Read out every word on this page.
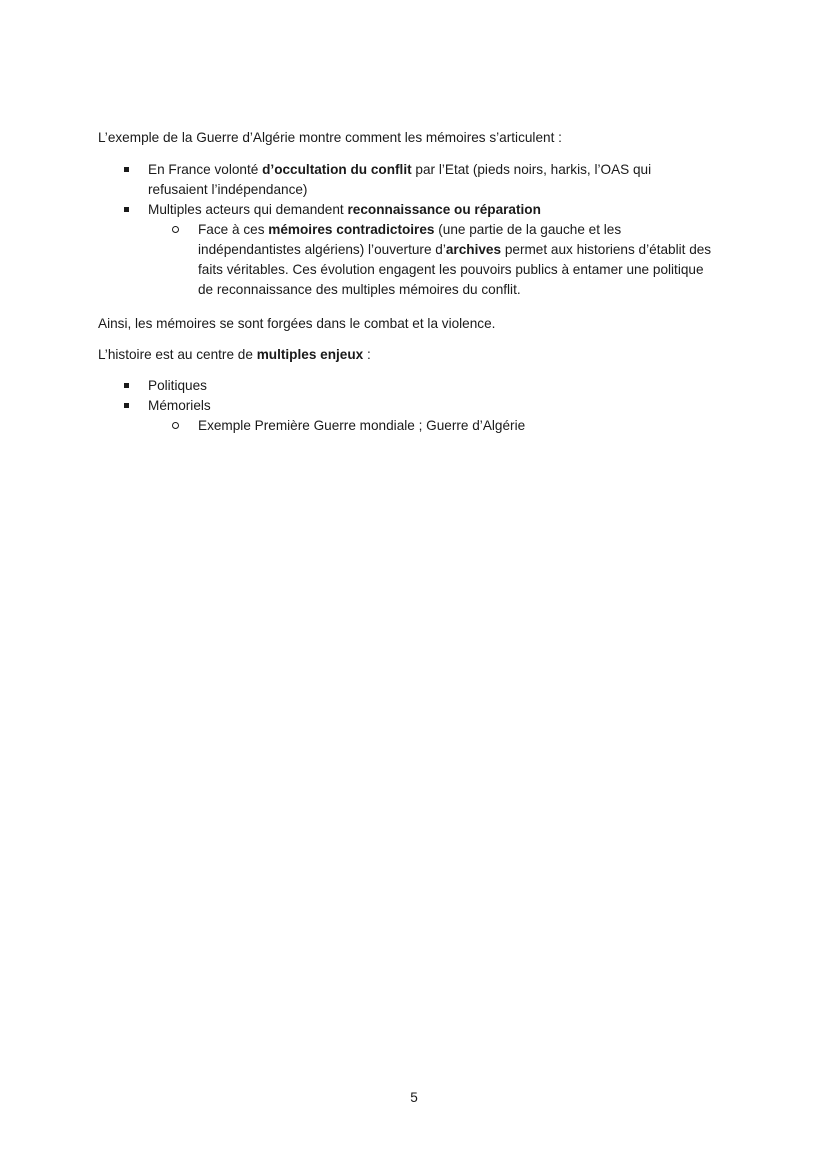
L’exemple de la Guerre d’Algérie montre comment les mémoires s’articulent :

En France volonté d’occultation du conflit par l’Etat (pieds noirs, harkis, l’OAS qui refusaient l’indépendance)
Multiples acteurs qui demandent reconnaissance ou réparation
Face à ces mémoires contradictoires (une partie de la gauche et les indépendantistes algériens) l’ouverture d’archives permet aux historiens d’établit des faits véritables. Ces évolution engagent les pouvoirs publics à entamer une politique de reconnaissance des multiples mémoires du conflit.

Ainsi, les mémoires se sont forgées dans le combat et la violence.

L’histoire est au centre de multiples enjeux :

Politiques
Mémoriels
Exemple Première Guerre mondiale ; Guerre d’Algérie
5
